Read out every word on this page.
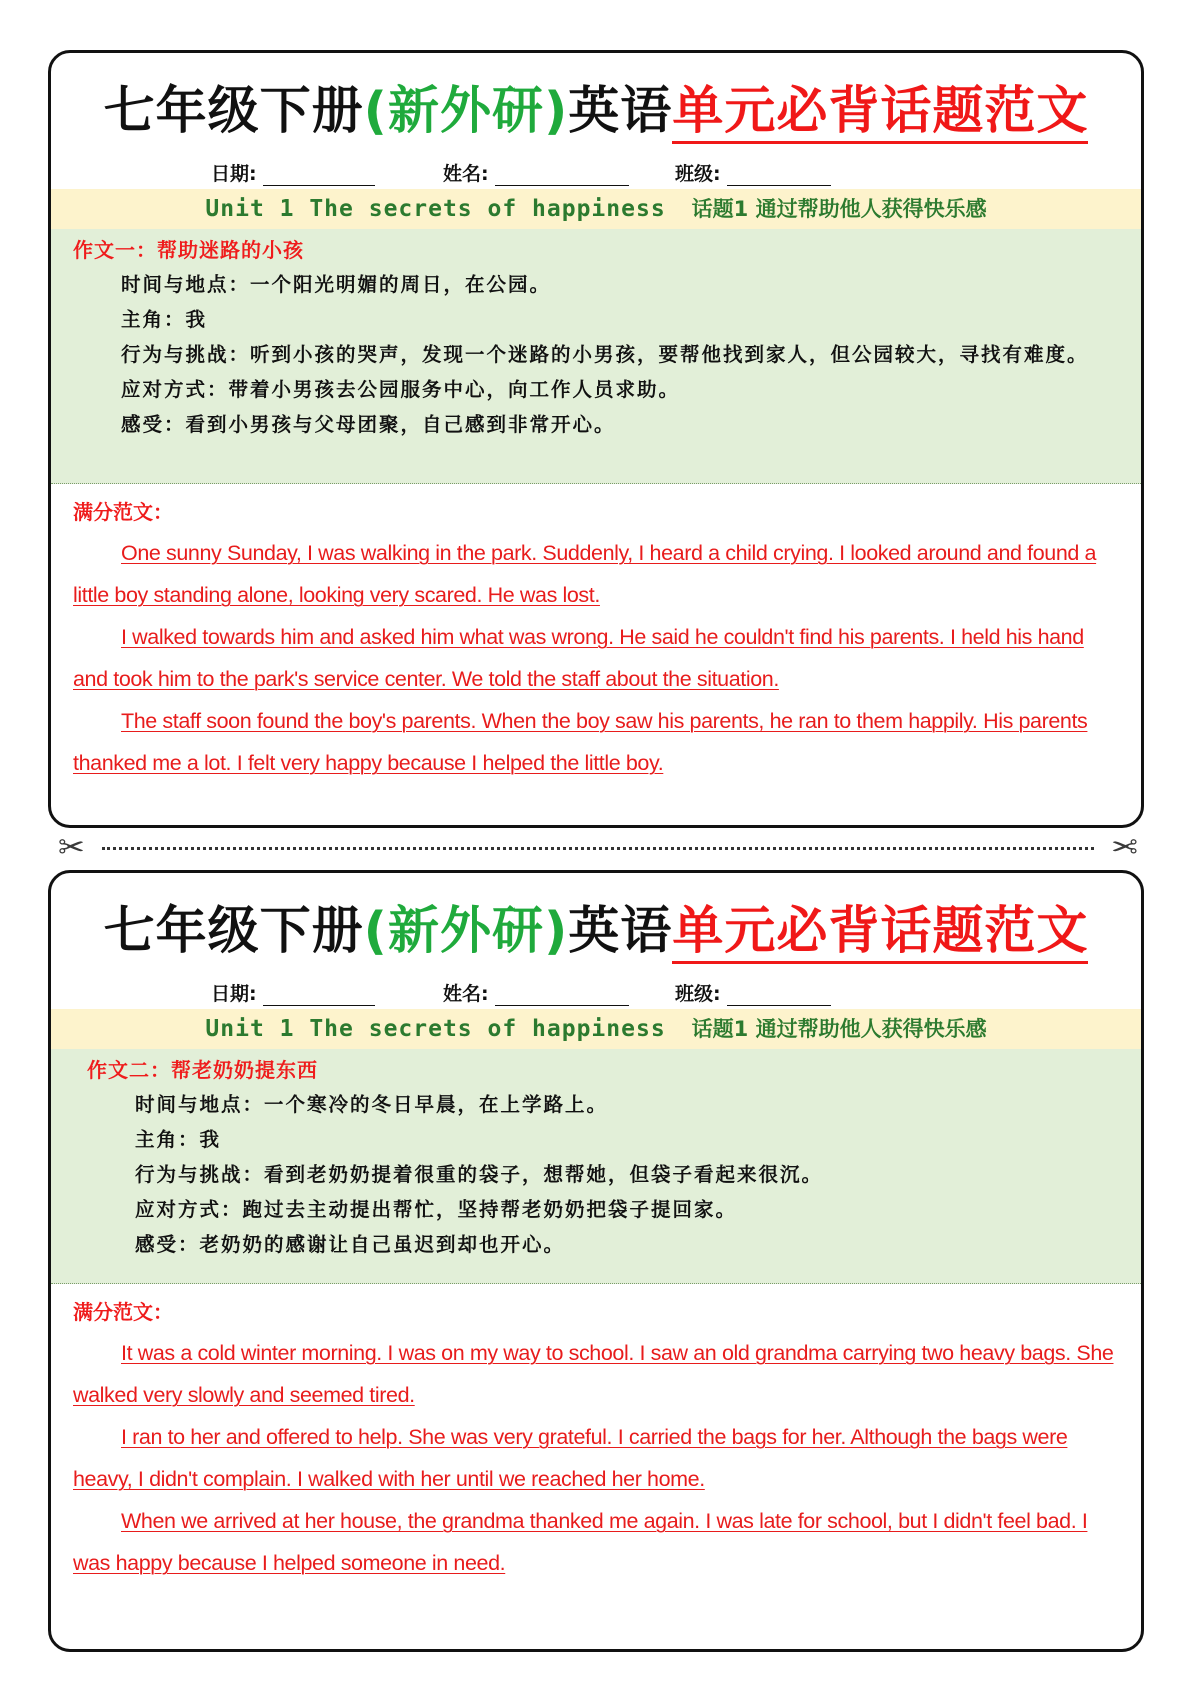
七年级下册(新外研)英语单元必背话题范文
日期:	姓名:	班级:
Unit 1 The secrets of happiness 话题1 通过帮助他人获得快乐感
作文一：帮助迷路的小孩
时间与地点：一个阳光明媚的周日，在公园。
主角：我
行为与挑战：听到小孩的哭声，发现一个迷路的小男孩，要帮他找到家人，但公园较大，寻找有难度。
应对方式：带着小男孩去公园服务中心，向工作人员求助。
感受：看到小男孩与父母团聚，自己感到非常开心。
满分范文：

One sunny Sunday, I was walking in the park. Suddenly, I heard a child crying. I looked around and found a little boy standing alone, looking very scared. He was lost.

I walked towards him and asked him what was wrong. He said he couldn't find his parents. I held his hand and took him to the park's service center. We told the staff about the situation.

The staff soon found the boy's parents. When the boy saw his parents, he ran to them happily. His parents thanked me a lot. I felt very happy because I helped the little boy.

✂	✂
七年级下册(新外研)英语单元必背话题范文
日期:	姓名:	班级:
Unit 1 The secrets of happiness 话题1 通过帮助他人获得快乐感
作文二：帮老奶奶提东西
时间与地点：一个寒冷的冬日早晨，在上学路上。
主角：我
行为与挑战：看到老奶奶提着很重的袋子，想帮她，但袋子看起来很沉。
应对方式：跑过去主动提出帮忙，坚持帮老奶奶把袋子提回家。
感受：老奶奶的感谢让自己虽迟到却也开心。
满分范文：

It was a cold winter morning. I was on my way to school. I saw an old grandma carrying two heavy bags. She walked very slowly and seemed tired.

I ran to her and offered to help. She was very grateful. I carried the bags for her. Although the bags were heavy, I didn't complain. I walked with her until we reached her home.

When we arrived at her house, the grandma thanked me again. I was late for school, but I didn't feel bad. I was happy because I helped someone in need.
